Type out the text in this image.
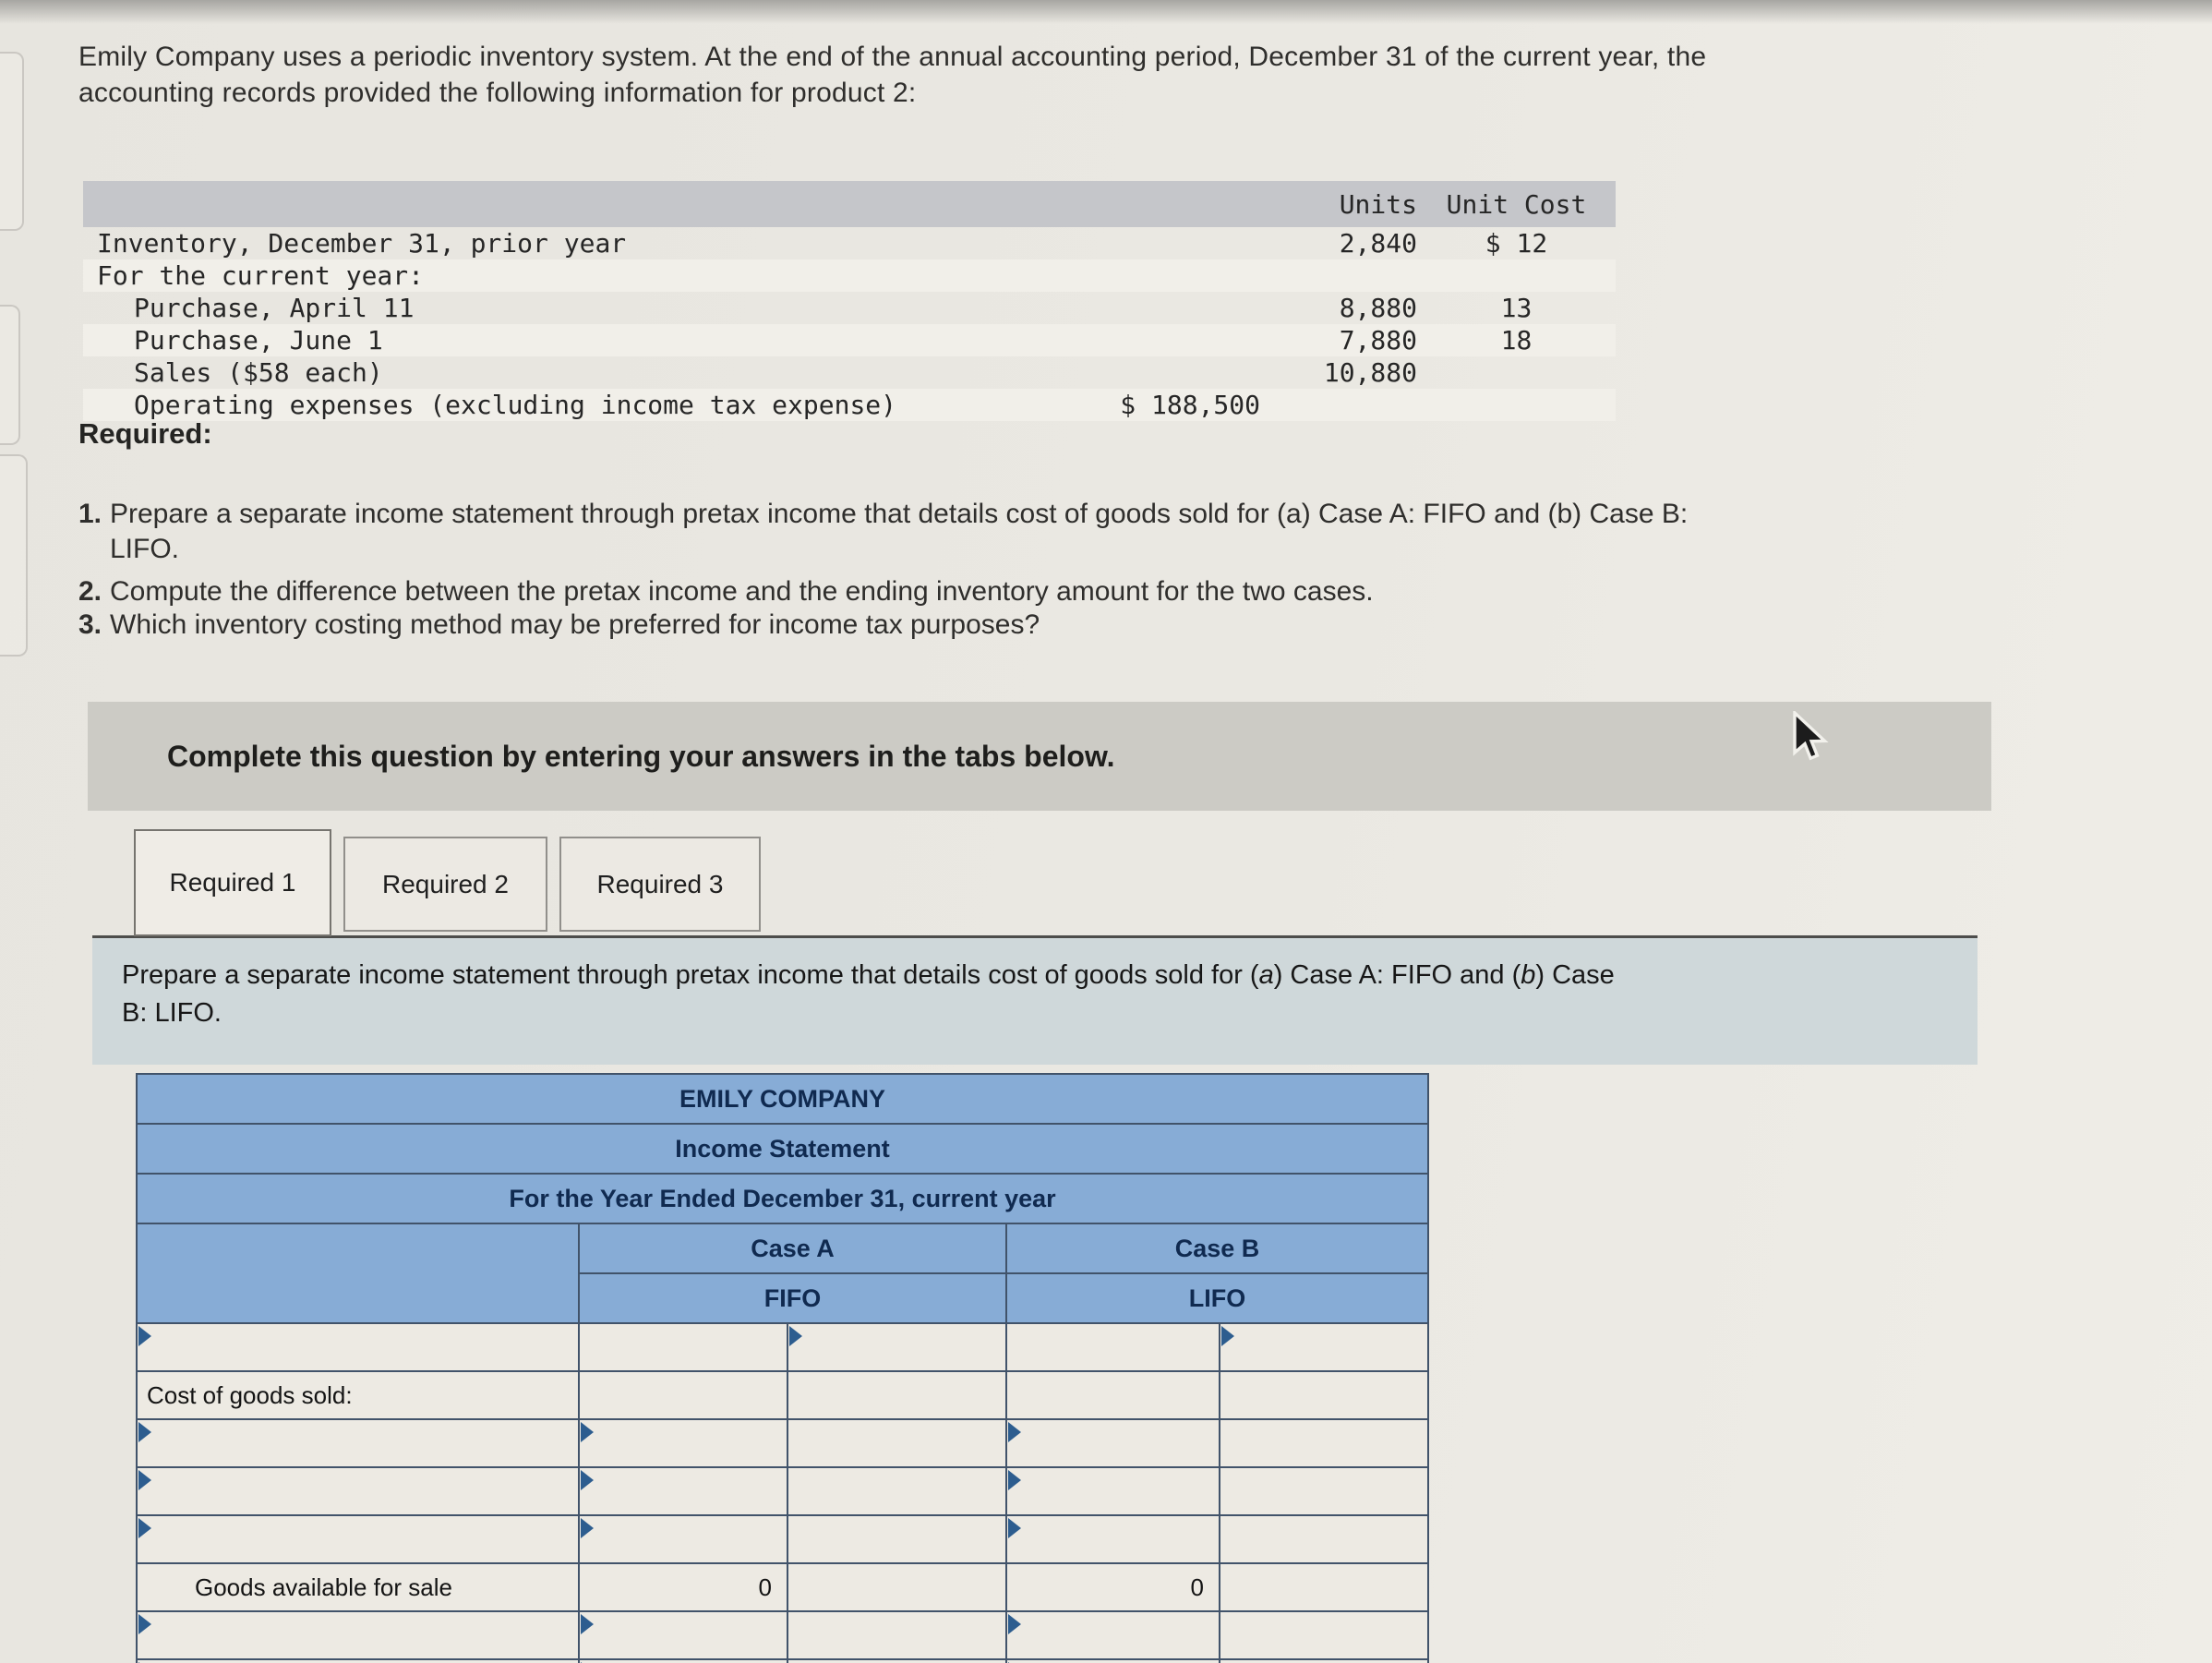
Emily Company uses a periodic inventory system. At the end of the annual accounting period, December 31 of the current year, the
accounting records provided the following information for product 2:
Units	Unit Cost
Inventory, December 31, prior year	2,840	$ 12
For the current year:
Purchase, April 11	8,880	13
Purchase, June 1	7,880	18
Sales ($58 each)	10,880
Operating expenses (excluding income tax expense)	$ 188,500
Required:
1. Prepare a separate income statement through pretax income that details cost of goods sold for (a) Case A: FIFO and (b) Case B:
LIFO.
2. Compute the difference between the pretax income and the ending inventory amount for the two cases.
3. Which inventory costing method may be preferred for income tax purposes?
Complete this question by entering your answers in the tabs below.
Required 1	Required 2	Required 3
Prepare a separate income statement through pretax income that details cost of goods sold for (a) Case A: FIFO and (b) Case
B: LIFO.
EMILY COMPANY				
Income Statement				
For the Year Ended December 31, current year				
	Case A		Case B	
	FIFO		LIFO	

Cost of goods sold:				

Goods available for sale	0		0	
